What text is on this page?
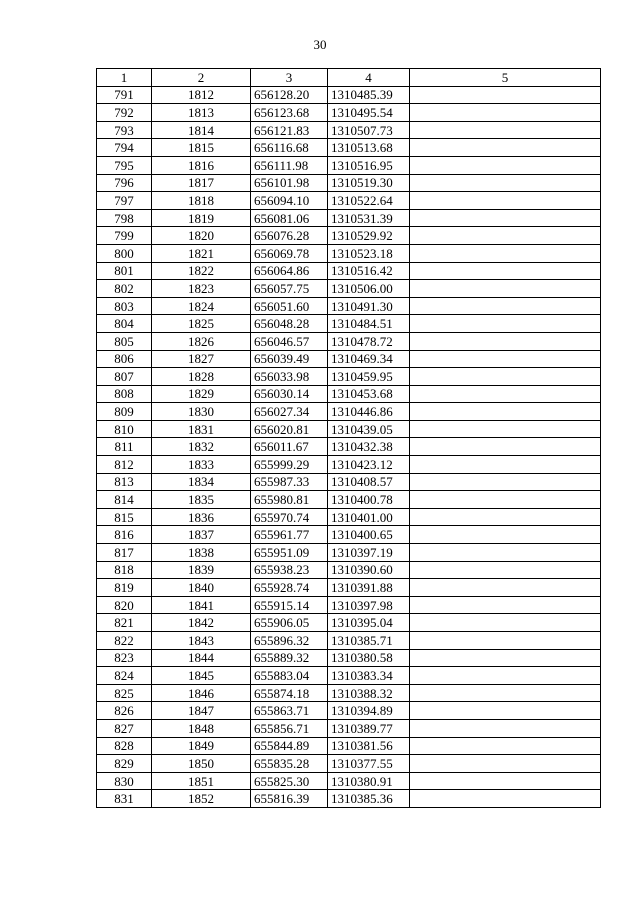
30
1	2	3	4	5
791	1812	656128.20	1310485.39	
792	1813	656123.68	1310495.54	
793	1814	656121.83	1310507.73	
794	1815	656116.68	1310513.68	
795	1816	656111.98	1310516.95	
796	1817	656101.98	1310519.30	
797	1818	656094.10	1310522.64	
798	1819	656081.06	1310531.39	
799	1820	656076.28	1310529.92	
800	1821	656069.78	1310523.18	
801	1822	656064.86	1310516.42	
802	1823	656057.75	1310506.00	
803	1824	656051.60	1310491.30	
804	1825	656048.28	1310484.51	
805	1826	656046.57	1310478.72	
806	1827	656039.49	1310469.34	
807	1828	656033.98	1310459.95	
808	1829	656030.14	1310453.68	
809	1830	656027.34	1310446.86	
810	1831	656020.81	1310439.05	
811	1832	656011.67	1310432.38	
812	1833	655999.29	1310423.12	
813	1834	655987.33	1310408.57	
814	1835	655980.81	1310400.78	
815	1836	655970.74	1310401.00	
816	1837	655961.77	1310400.65	
817	1838	655951.09	1310397.19	
818	1839	655938.23	1310390.60	
819	1840	655928.74	1310391.88	
820	1841	655915.14	1310397.98	
821	1842	655906.05	1310395.04	
822	1843	655896.32	1310385.71	
823	1844	655889.32	1310380.58	
824	1845	655883.04	1310383.34	
825	1846	655874.18	1310388.32	
826	1847	655863.71	1310394.89	
827	1848	655856.71	1310389.77	
828	1849	655844.89	1310381.56	
829	1850	655835.28	1310377.55	
830	1851	655825.30	1310380.91	
831	1852	655816.39	1310385.36	
